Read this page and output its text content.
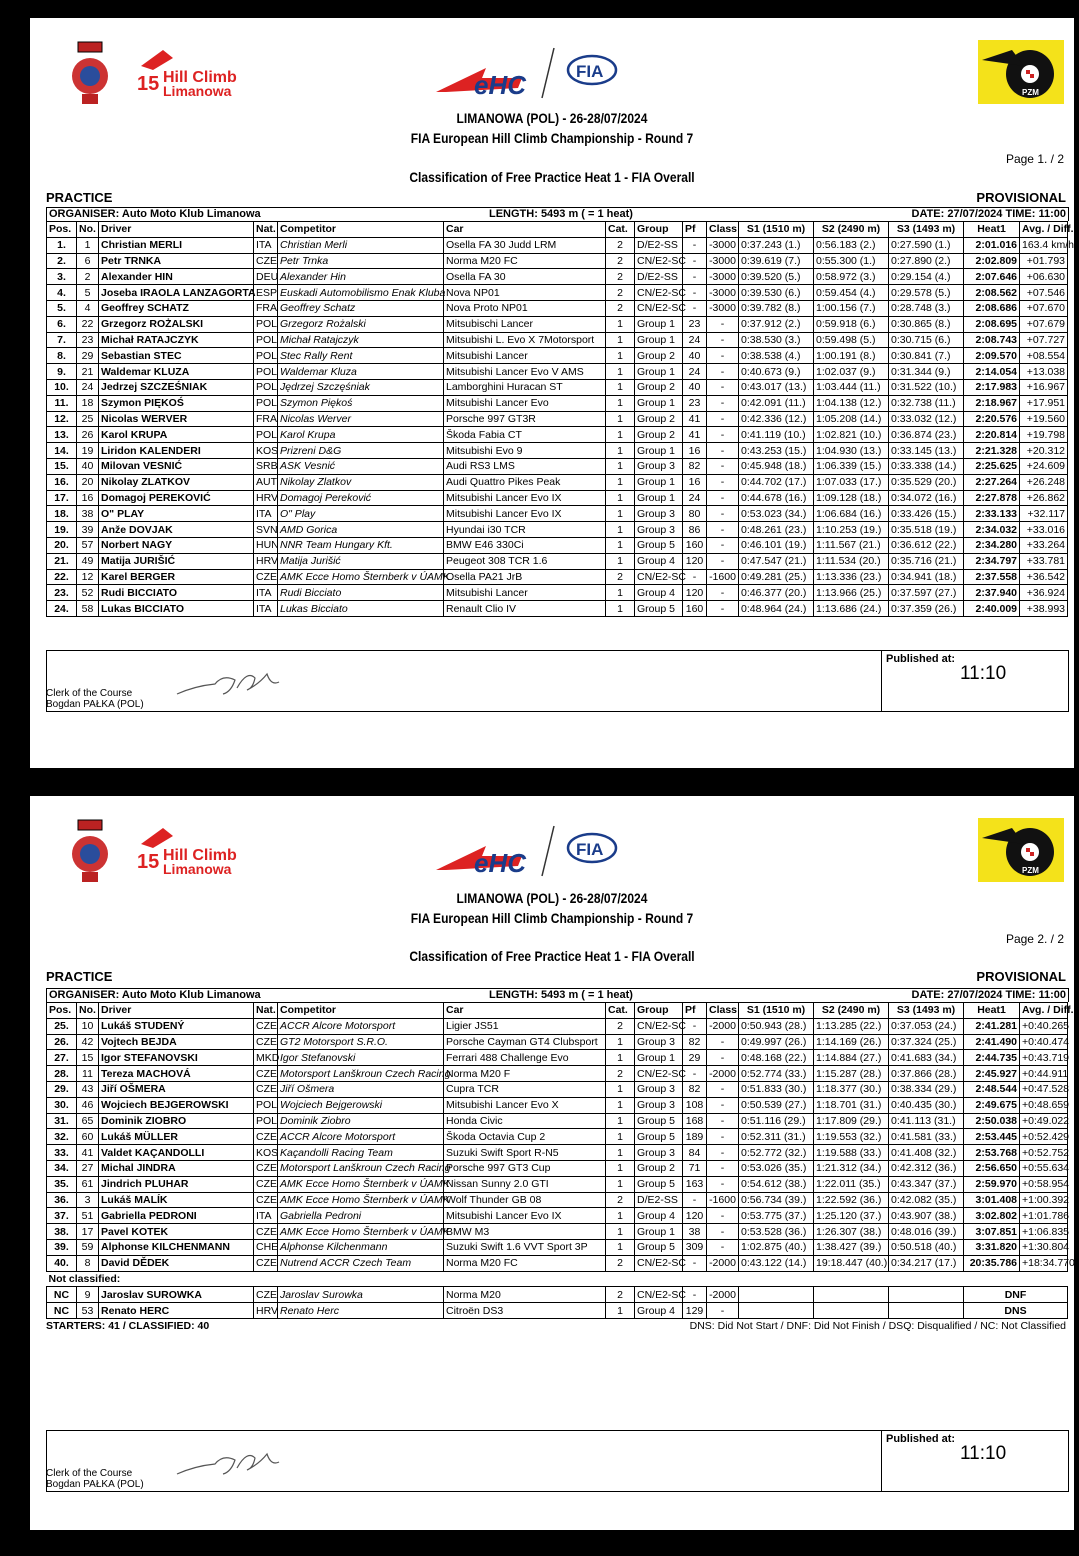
15 Hill Climb
Limanowa	eHC	FIA
PZM
LIMANOWA (POL) - 26-28/07/2024
FIA European Hill Climb Championship - Round 7
Page 1. / 2
Classification of Free Practice Heat 1 - FIA Overall
PRACTICE	PROVISIONAL
ORGANISER: Auto Moto Klub Limanowa	LENGTH: 5493 m ( = 1 heat)	DATE: 27/07/2024 TIME: 11:00
Pos.	No.	Driver	Nat.	Competitor	Car	Cat.	Group	Pf	Class	S1 (1510 m)	S2 (2490 m)	S3 (1493 m)	Heat1	Avg. / Diff.
1.	1	Christian MERLI	ITA	Christian Merli	Osella FA 30 Judd LRM	2	D/E2-SS	-	-3000	0:37.243 (1.)	0:56.183 (2.)	0:27.590 (1.)	2:01.016	163.4 km/h
2.	6	Petr TRNKA	CZE	Petr Trnka	Norma M20 FC	2	CN/E2-SC	-	-3000	0:39.619 (7.)	0:55.300 (1.)	0:27.890 (2.)	2:02.809	+01.793
3.	2	Alexander HIN	DEU	Alexander Hin	Osella FA 30	2	D/E2-SS	-	-3000	0:39.520 (5.)	0:58.972 (3.)	0:29.154 (4.)	2:07.646	+06.630
4.	5	Joseba IRAOLA LANZAGORTA	ESP	Euskadi Automobilismo Enak Kluba	Nova NP01	2	CN/E2-SC	-	-3000	0:39.530 (6.)	0:59.454 (4.)	0:29.578 (5.)	2:08.562	+07.546
5.	4	Geoffrey SCHATZ	FRA	Geoffrey Schatz	Nova Proto NP01	2	CN/E2-SC	-	-3000	0:39.782 (8.)	1:00.156 (7.)	0:28.748 (3.)	2:08.686	+07.670
6.	22	Grzegorz ROŻALSKI	POL	Grzegorz Rożalski	Mitsubischi Lancer	1	Group 1	23	-	0:37.912 (2.)	0:59.918 (6.)	0:30.865 (8.)	2:08.695	+07.679
7.	23	Michał RATAJCZYK	POL	Michał Ratajczyk	Mitsubishi L. Evo X 7Motorsport	1	Group 1	24	-	0:38.530 (3.)	0:59.498 (5.)	0:30.715 (6.)	2:08.743	+07.727
8.	29	Sebastian STEC	POL	Stec Rally Rent	Mitsubishi Lancer	1	Group 2	40	-	0:38.538 (4.)	1:00.191 (8.)	0:30.841 (7.)	2:09.570	+08.554
9.	21	Waldemar KLUZA	POL	Waldemar Kluza	Mitsubishi Lancer Evo V AMS	1	Group 1	24	-	0:40.673 (9.)	1:02.037 (9.)	0:31.344 (9.)	2:14.054	+13.038
10.	24	Jedrzej SZCZEŚNIAK	POL	Jędrzej Szczęśniak	Lamborghini Huracan ST	1	Group 2	40	-	0:43.017 (13.)	1:03.444 (11.)	0:31.522 (10.)	2:17.983	+16.967
11.	18	Szymon PIĘKOŚ	POL	Szymon Piękoś	Mitsubishi Lancer Evo	1	Group 1	23	-	0:42.091 (11.)	1:04.138 (12.)	0:32.738 (11.)	2:18.967	+17.951
12.	25	Nicolas WERVER	FRA	Nicolas Werver	Porsche 997 GT3R	1	Group 2	41	-	0:42.336 (12.)	1:05.208 (14.)	0:33.032 (12.)	2:20.576	+19.560
13.	26	Karol KRUPA	POL	Karol Krupa	Škoda Fabia CT	1	Group 2	41	-	0:41.119 (10.)	1:02.821 (10.)	0:36.874 (23.)	2:20.814	+19.798
14.	19	Liridon KALENDERI	KOS	Prizreni D&G	Mitsubishi Evo 9	1	Group 1	16	-	0:43.253 (15.)	1:04.930 (13.)	0:33.145 (13.)	2:21.328	+20.312
15.	40	Milovan VESNIĆ	SRB	ASK Vesnić	Audi RS3 LMS	1	Group 3	82	-	0:45.948 (18.)	1:06.339 (15.)	0:33.338 (14.)	2:25.625	+24.609
16.	20	Nikolay ZLATKOV	AUT	Nikolay Zlatkov	Audi Quattro Pikes Peak	1	Group 1	16	-	0:44.702 (17.)	1:07.033 (17.)	0:35.529 (20.)	2:27.264	+26.248
17.	16	Domagoj PEREKOVIĆ	HRV	Domagoj Pereković	Mitsubishi Lancer Evo IX	1	Group 1	24	-	0:44.678 (16.)	1:09.128 (18.)	0:34.072 (16.)	2:27.878	+26.862
18.	38	O" PLAY	ITA	O" Play	Mitsubishi Lancer Evo IX	1	Group 3	80	-	0:53.023 (34.)	1:06.684 (16.)	0:33.426 (15.)	2:33.133	+32.117
19.	39	Anže DOVJAK	SVN	AMD Gorica	Hyundai i30 TCR	1	Group 3	86	-	0:48.261 (23.)	1:10.253 (19.)	0:35.518 (19.)	2:34.032	+33.016
20.	57	Norbert NAGY	HUN	NNR Team Hungary Kft.	BMW E46 330Ci	1	Group 5	160	-	0:46.101 (19.)	1:11.567 (21.)	0:36.612 (22.)	2:34.280	+33.264
21.	49	Matija JURIŠIĆ	HRV	Matija Jurišić	Peugeot 308 TCR 1.6	1	Group 4	120	-	0:47.547 (21.)	1:11.534 (20.)	0:35.716 (21.)	2:34.797	+33.781
22.	12	Karel BERGER	CZE	AMK Ecce Homo Šternberk v ÚAMK	Osella PA21 JrB	2	CN/E2-SC	-	-1600	0:49.281 (25.)	1:13.336 (23.)	0:34.941 (18.)	2:37.558	+36.542
23.	52	Rudi BICCIATO	ITA	Rudi Bicciato	Mitsubishi Lancer	1	Group 4	120	-	0:46.377 (20.)	1:13.966 (25.)	0:37.597 (27.)	2:37.940	+36.924
24.	58	Lukas BICCIATO	ITA	Lukas Bicciato	Renault Clio IV	1	Group 5	160	-	0:48.964 (24.)	1:13.686 (24.)	0:37.359 (26.)	2:40.009	+38.993
Published at:
11:10
Clerk of the Course
Bogdan PAŁKA (POL)
15 Hill Climb
Limanowa	eHC	FIA
PZM
LIMANOWA (POL) - 26-28/07/2024
FIA European Hill Climb Championship - Round 7
Page 2. / 2
Classification of Free Practice Heat 1 - FIA Overall
PRACTICE	PROVISIONAL
ORGANISER: Auto Moto Klub Limanowa	LENGTH: 5493 m ( = 1 heat)	DATE: 27/07/2024 TIME: 11:00
Pos.	No.	Driver	Nat.	Competitor	Car	Cat.	Group	Pf	Class	S1 (1510 m)	S2 (2490 m)	S3 (1493 m)	Heat1	Avg. / Diff.
25.	10	Lukáš STUDENÝ	CZE	ACCR Alcore Motorsport	Ligier JS51	2	CN/E2-SC	-	-2000	0:50.943 (28.)	1:13.285 (22.)	0:37.053 (24.)	2:41.281	+0:40.265
26.	42	Vojtech BEJDA	CZE	GT2 Motorsport S.R.O.	Porsche Cayman GT4 Clubsport	1	Group 3	82	-	0:49.997 (26.)	1:14.169 (26.)	0:37.324 (25.)	2:41.490	+0:40.474
27.	15	Igor STEFANOVSKI	MKD	Igor Stefanovski	Ferrari 488 Challenge Evo	1	Group 1	29	-	0:48.168 (22.)	1:14.884 (27.)	0:41.683 (34.)	2:44.735	+0:43.719
28.	11	Tereza MACHOVÁ	CZE	Motorsport Lanškroun Czech Racing	Norma M20 F	2	CN/E2-SC	-	-2000	0:52.774 (33.)	1:15.287 (28.)	0:37.866 (28.)	2:45.927	+0:44.911
29.	43	Jiří OŠMERA	CZE	Jiří Ošmera	Cupra TCR	1	Group 3	82	-	0:51.833 (30.)	1:18.377 (30.)	0:38.334 (29.)	2:48.544	+0:47.528
30.	46	Wojciech BEJGEROWSKI	POL	Wojciech Bejgerowski	Mitsubishi Lancer Evo X	1	Group 3	108	-	0:50.539 (27.)	1:18.701 (31.)	0:40.435 (30.)	2:49.675	+0:48.659
31.	65	Dominik ZIOBRO	POL	Dominik Ziobro	Honda Civic	1	Group 5	168	-	0:51.116 (29.)	1:17.809 (29.)	0:41.113 (31.)	2:50.038	+0:49.022
32.	60	Lukáš MÜLLER	CZE	ACCR Alcore Motorsport	Škoda Octavia Cup 2	1	Group 5	189	-	0:52.311 (31.)	1:19.553 (32.)	0:41.581 (33.)	2:53.445	+0:52.429
33.	41	Valdet KAÇANDOLLI	KOS	Kaçandolli Racing Team	Suzuki Swift Sport R-N5	1	Group 3	84	-	0:52.772 (32.)	1:19.588 (33.)	0:41.408 (32.)	2:53.768	+0:52.752
34.	27	Michal JINDRA	CZE	Motorsport Lanškroun Czech Racing	Porsche 997 GT3 Cup	1	Group 2	71	-	0:53.026 (35.)	1:21.312 (34.)	0:42.312 (36.)	2:56.650	+0:55.634
35.	61	Jindrich PLUHAR	CZE	AMK Ecce Homo Šternberk v ÚAMK	Nissan Sunny 2.0 GTI	1	Group 5	163	-	0:54.612 (38.)	1:22.011 (35.)	0:43.347 (37.)	2:59.970	+0:58.954
36.	3	Lukáš MALÍK	CZE	AMK Ecce Homo Šternberk v ÚAMK	Wolf Thunder GB 08	2	D/E2-SS	-	-1600	0:56.734 (39.)	1:22.592 (36.)	0:42.082 (35.)	3:01.408	+1:00.392
37.	51	Gabriella PEDRONI	ITA	Gabriella Pedroni	Mitsubishi Lancer Evo IX	1	Group 4	120	-	0:53.775 (37.)	1:25.120 (37.)	0:43.907 (38.)	3:02.802	+1:01.786
38.	17	Pavel KOTEK	CZE	AMK Ecce Homo Šternberk v ÚAMK	BMW M3	1	Group 1	38	-	0:53.528 (36.)	1:26.307 (38.)	0:48.016 (39.)	3:07.851	+1:06.835
39.	59	Alphonse KILCHENMANN	CHE	Alphonse Kilchenmann	Suzuki Swift 1.6 VVT Sport 3P	1	Group 5	309	-	1:02.875 (40.)	1:38.427 (39.)	0:50.518 (40.)	3:31.820	+1:30.804
40.	8	David DĚDEK	CZE	Nutrend ACCR Czech Team	Norma M20 FC	2	CN/E2-SC	-	-2000	0:43.122 (14.)	19:18.447 (40.)	0:34.217 (17.)	20:35.786	+18:34.770
Not classified:														
NC	9	Jaroslav SUROWKA	CZE	Jaroslav Surowka	Norma M20	2	CN/E2-SC	-	-2000				DNF	
NC	53	Renato HERC	HRV	Renato Herc	Citroën DS3	1	Group 4	129	-				DNS	
STARTERS: 41 / CLASSIFIED: 40	DNS: Did Not Start / DNF: Did Not Finish / DSQ: Disqualified / NC: Not Classified
Published at:
11:10
Clerk of the Course
Bogdan PAŁKA (POL)
